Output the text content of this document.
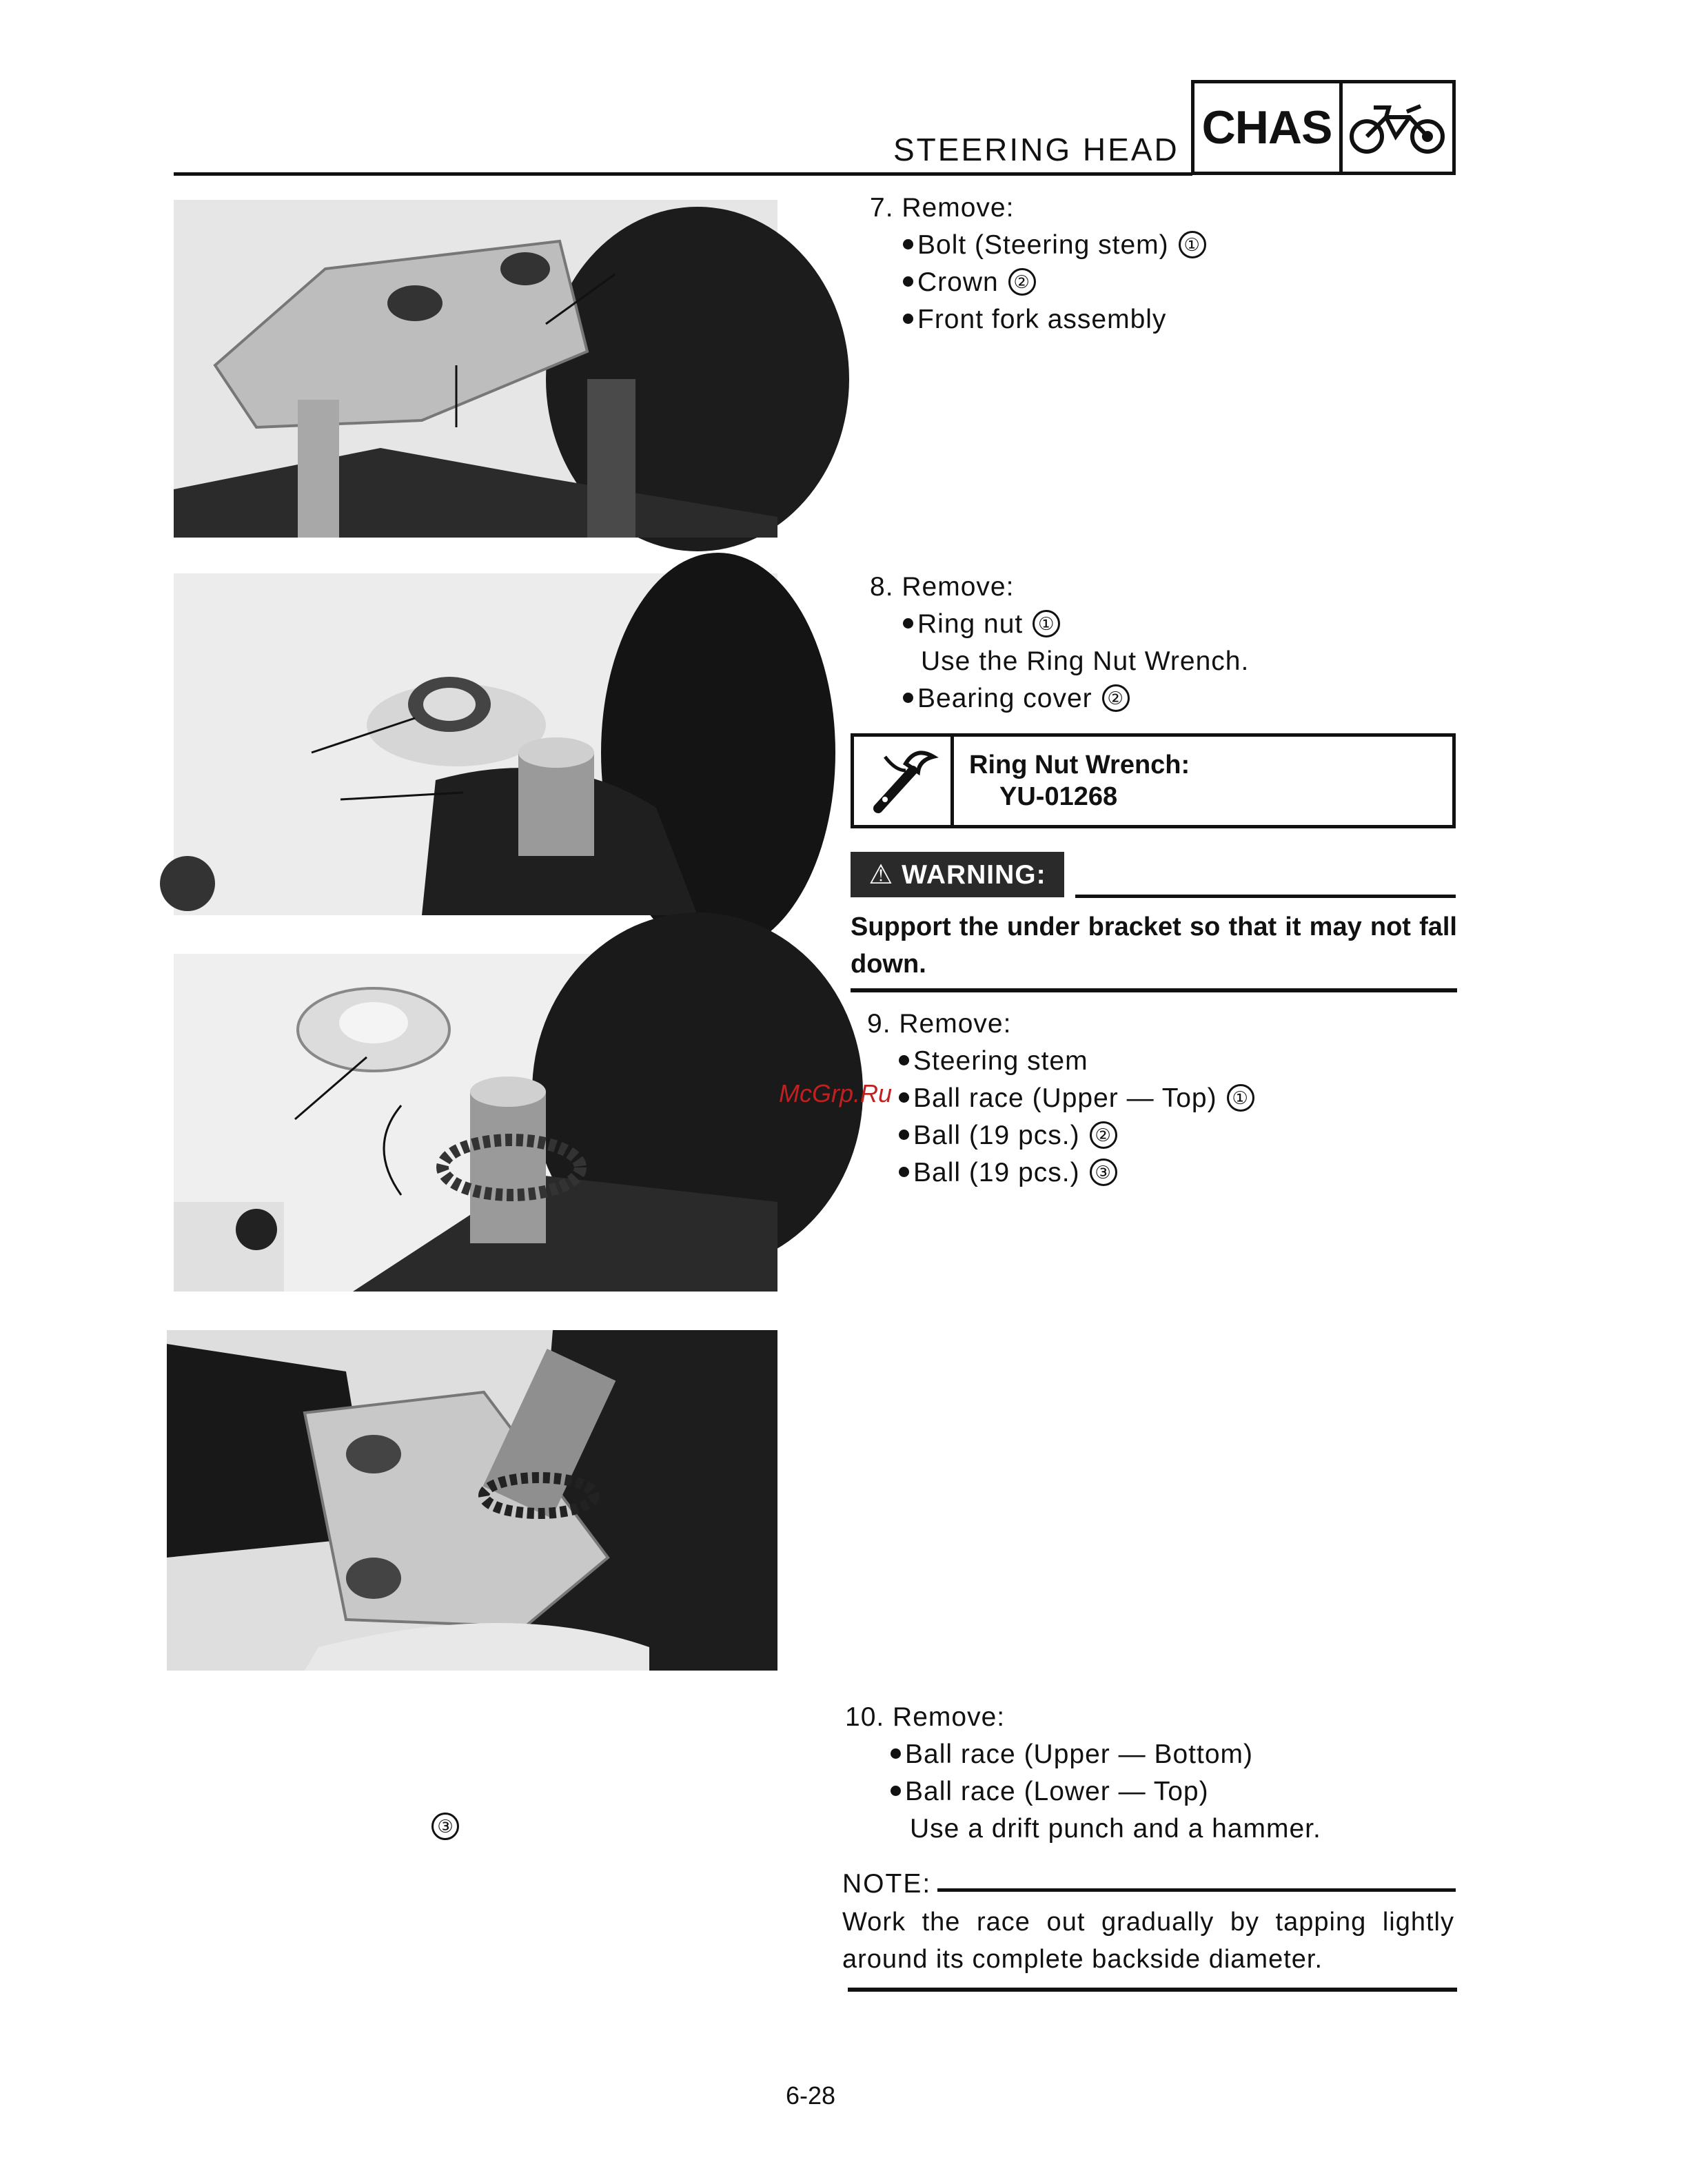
STEERING HEAD CHAS

③
7. Remove:
Bolt (Steering stem) ①
Crown ②
Front fork assembly
8. Remove:
Ring nut ①
Use the Ring Nut Wrench.
Bearing cover ②
Ring Nut Wrench:
YU-01268
⚠ WARNING:
Support the under bracket so that it may not fall down.
9. Remove:
Steering stem
Ball race (Upper — Top) ①
Ball (19 pcs.) ②
Ball (19 pcs.) ③
McGrp.Ru
10. Remove:
Ball race (Upper — Bottom)
Ball race (Lower — Top)
Use a drift punch and a hammer.
NOTE:
Work the race out gradually by tapping lightly around its complete backside diameter.
6-28
